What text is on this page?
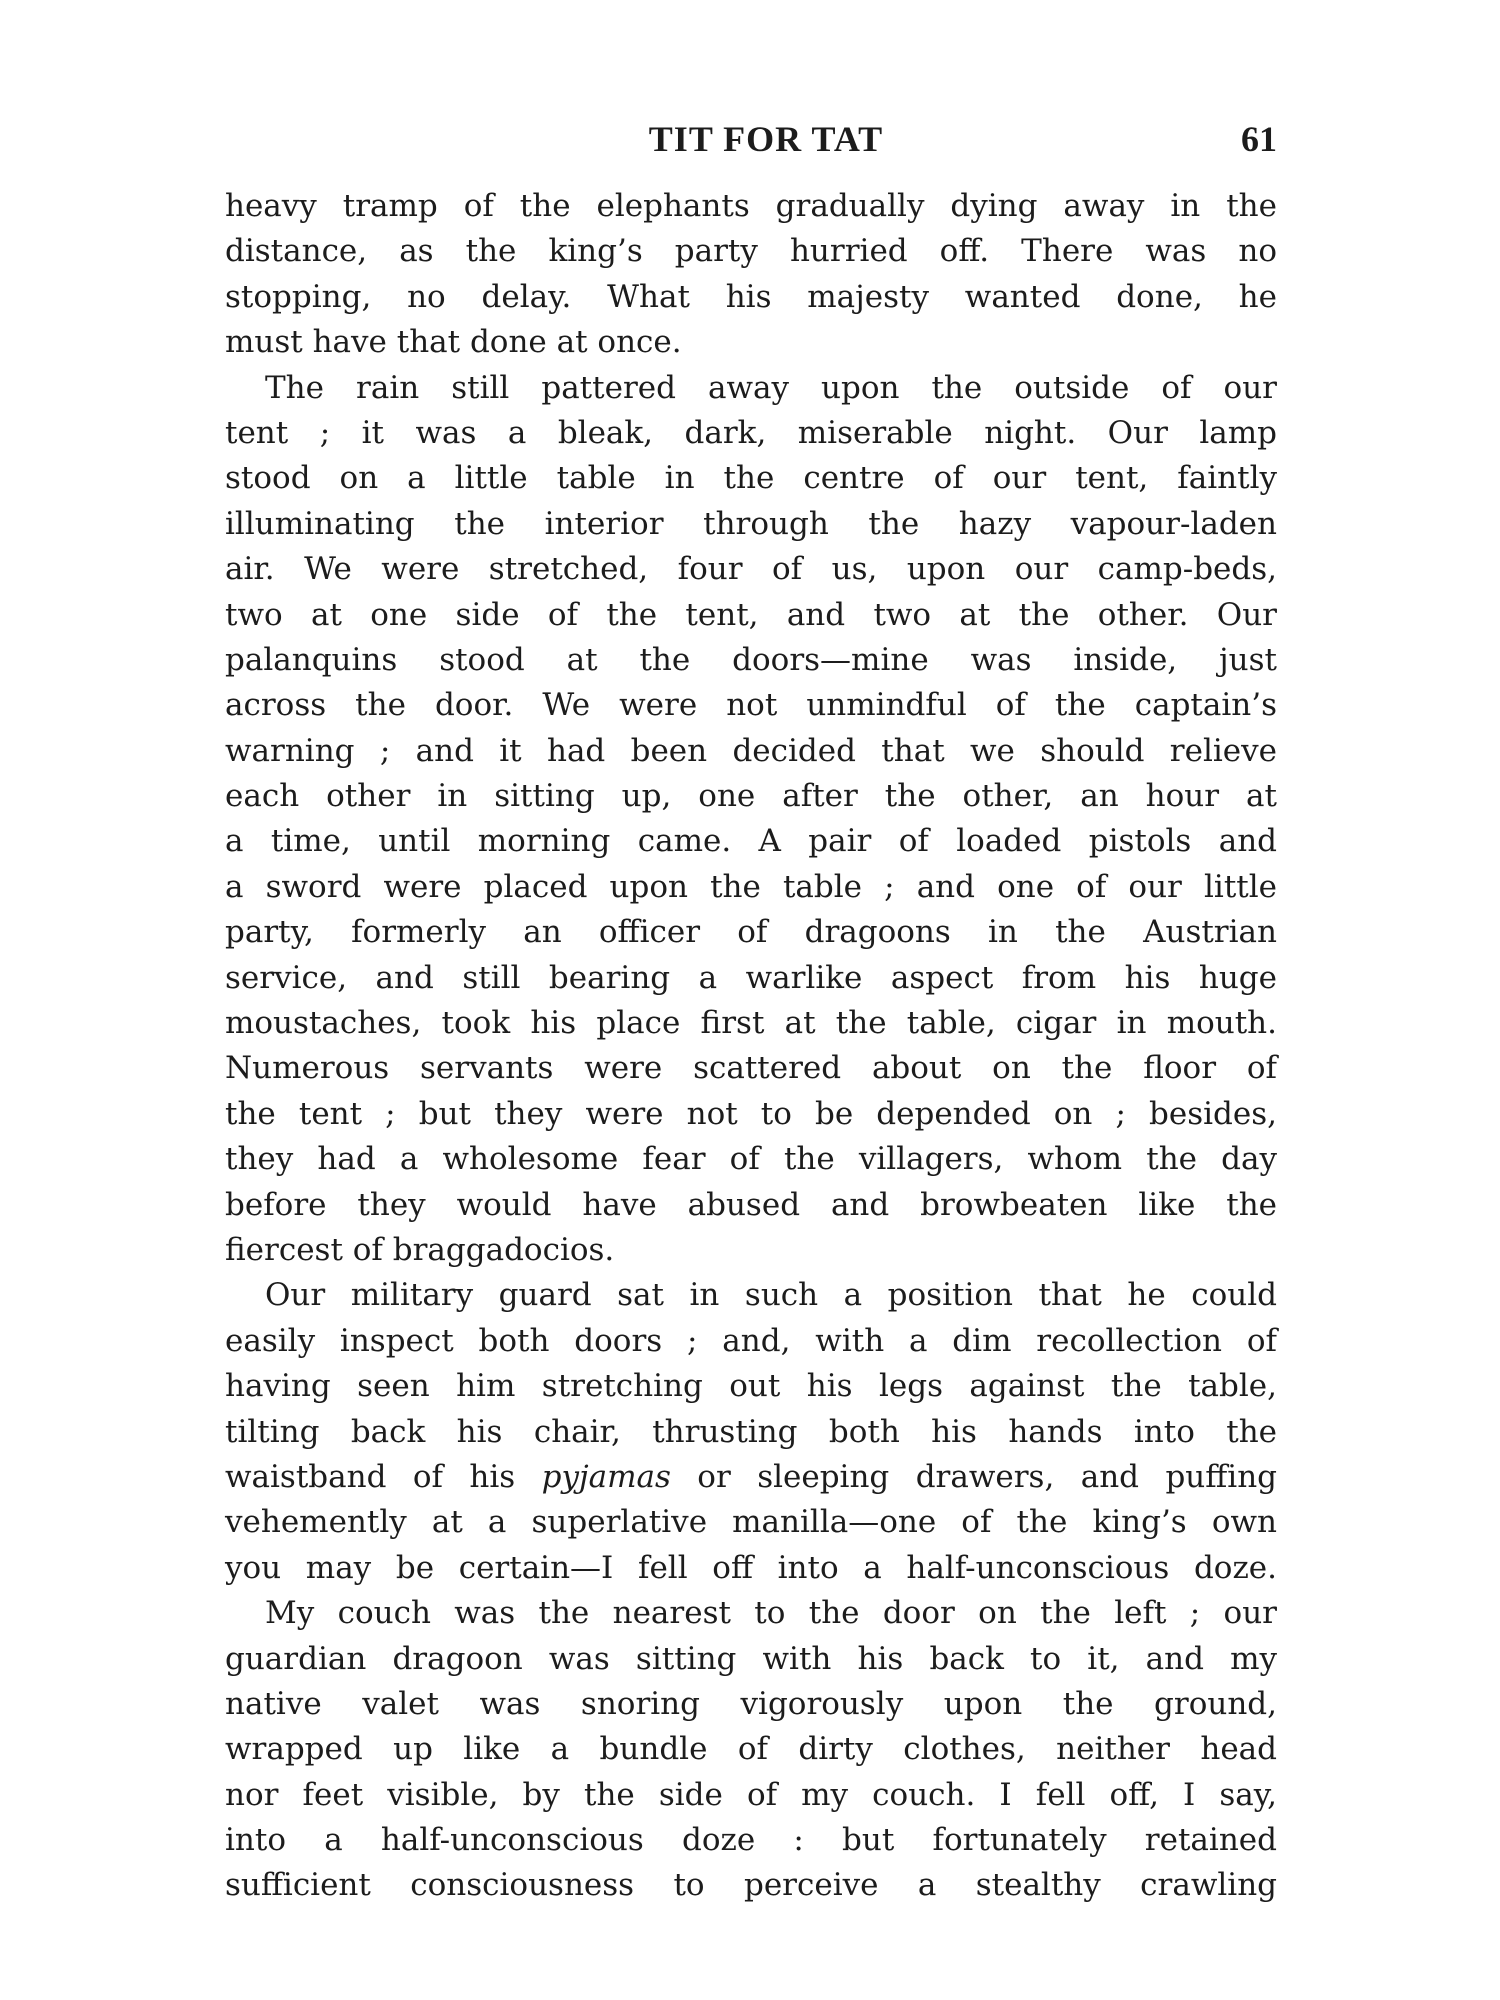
TIT FOR TAT	61
heavy tramp of the elephants gradually dying away in the
distance, as the king’s party hurried off. There was no
stopping, no delay. What his majesty wanted done, he
must have that done at once.
The rain still pattered away upon the outside of our
tent ; it was a bleak, dark, miserable night. Our lamp
stood on a little table in the centre of our tent, faintly
illuminating the interior through the hazy vapour-laden
air. We were stretched, four of us, upon our camp-beds,
two at one side of the tent, and two at the other. Our
palanquins stood at the doors—mine was inside, just
across the door. We were not unmindful of the captain’s
warning ; and it had been decided that we should relieve
each other in sitting up, one after the other, an hour at
a time, until morning came. A pair of loaded pistols and
a sword were placed upon the table ; and one of our little
party, formerly an officer of dragoons in the Austrian
service, and still bearing a warlike aspect from his huge
moustaches, took his place first at the table, cigar in mouth.
Numerous servants were scattered about on the floor of
the tent ; but they were not to be depended on ; besides,
they had a wholesome fear of the villagers, whom the day
before they would have abused and browbeaten like the
fiercest of braggadocios.
Our military guard sat in such a position that he could
easily inspect both doors ; and, with a dim recollection of
having seen him stretching out his legs against the table,
tilting back his chair, thrusting both his hands into the
waistband of his pyjamas or sleeping drawers, and puffing
vehemently at a superlative manilla—one of the king’s own
you may be certain—I fell off into a half-unconscious doze.
My couch was the nearest to the door on the left ; our
guardian dragoon was sitting with his back to it, and my
native valet was snoring vigorously upon the ground,
wrapped up like a bundle of dirty clothes, neither head
nor feet visible, by the side of my couch. I fell off, I say,
into a half-unconscious doze : but fortunately retained
sufficient consciousness to perceive a stealthy crawling
